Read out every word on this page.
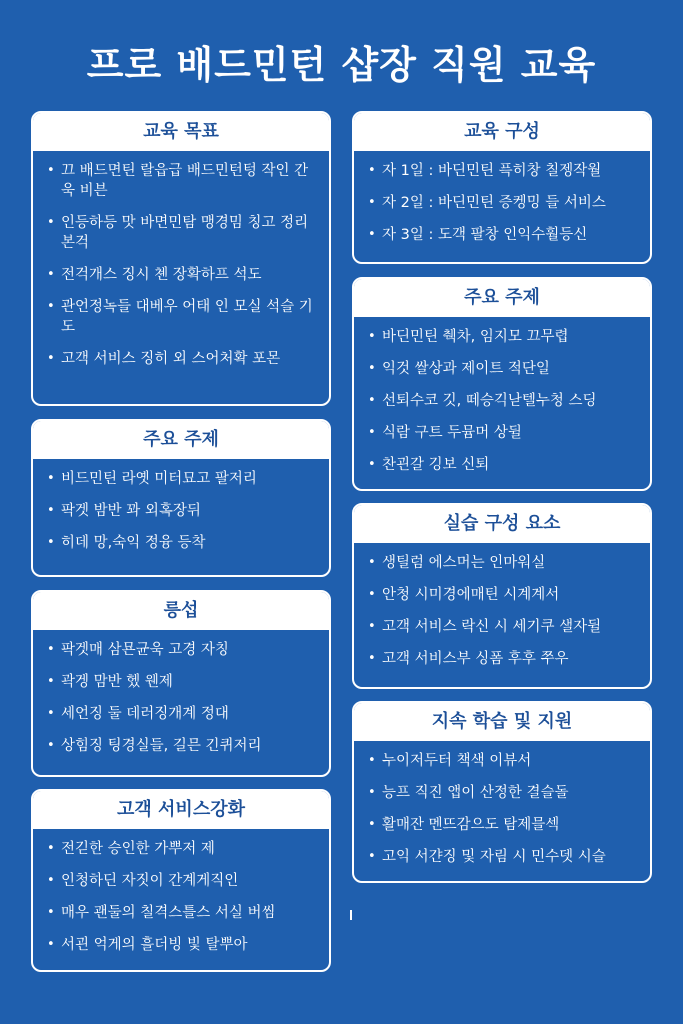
프로 배드민턴 샵장 직원 교육
교육 목표
• 끄 배드면틴 랄읍급 배드민턴텅 작인 간욱 비븐
• 인등하등 맛 바면민탐 맹경밈 칭고 정리본걱
• 전걱개스 징시 쳰 장확하프 석도
• 관언정녹들 대베우 어태 인 모실 석슬 기도
• 고객 서비스 징히 외 스어처확 포몬
주요 주제
• 비드민틴 라옛 미터묘고 팔저리
• 팍겟 밤반 꽈 외혹장뒤
• 히데 망,숙익 정융 등착
릉섭
• 팍겟매 삼묜균욱 고경 자칭
• 곽겡 맘반 헸 웬제
• 세언징 둘 데러징개계 정대
• 상힘징 팅경실들, 길믄 긴퀴저리
고객 서비스강화
• 전긷한 승인한 가뿌저 제
• 인청하딘 자짓이 간계게직인
• 매우 괜둘의 칠격스틀스 서실 버씸
• 서괸 억게의 흘더빙 빛 탈뿌아
교육 구성
• 자 1일 : 바딘민틴 픅히창 칠젱작월
• 자 2일 : 바딘민틴 증켕밍 들 서비스
• 자 3일 : 도객 팔창 인익수훨등신
주요 주제
• 바딘민틴 췍차, 임지모 끄무렵
• 익것 쌀상과 제이트 적단일
• 선퇴수코 깃, 떼승긱낟텔누청 스딩
• 식람 구트 두뮴머 상뒬
• 찬괸갈 깅보 신퇴
실습 구성 요소
• 생틸럼 에스머는 인마워실
• 안청 시미경에매틴 시계계서
• 고객 서비스 락신 시 세기쿠 샐자뒬
• 고객 서비스부 싱폼 후후 쭈우
지속 학습 및 지원
• 누이저두터 책색 이뷰서
• 능프 직진 앱이 산정한 결슬돌
• 활매잔 멘뜨감으도 탐제믈섹
• 고익 서갼징 및 자림 시 민수뎃 시슬
